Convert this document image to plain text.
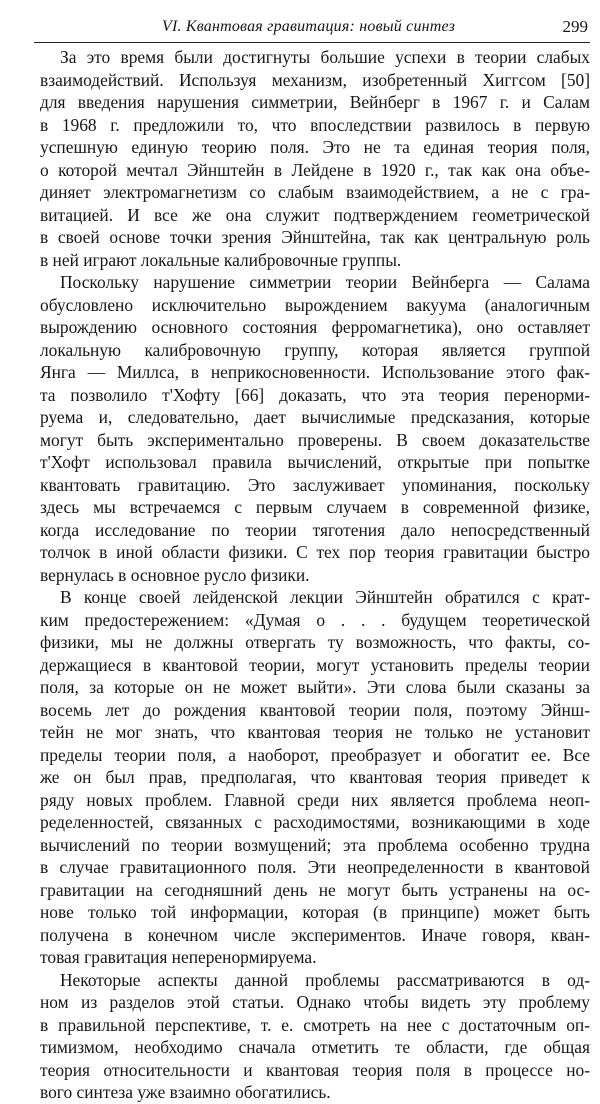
VI. Квантовая гравитация: новый синтез	299
За это время были достигнуты большие успехи в теории слабых
взаимодействий. Используя механизм, изобретенный Хиггсом [50]
для введения нарушения симметрии, Вейнберг в 1967 г. и Салам
в 1968 г. предложили то, что впоследствии развилось в первую
успешную единую теорию поля. Это не та единая теория поля,
о которой мечтал Эйнштейн в Лейдене в 1920 г., так как она объе-
диняет электромагнетизм со слабым взаимодействием, а не с гра-
витацией. И все же она служит подтверждением геометрической
в своей основе точки зрения Эйнштейна, так как центральную роль
в ней играют локальные калибровочные группы.
Поскольку нарушение симметрии теории Вейнберга — Салама
обусловлено исключительно вырождением вакуума (аналогичным
вырождению основного состояния ферромагнетика), оно оставляет
локальную калибровочную группу, которая является группой
Янга — Миллса, в неприкосновенности. Использование этого фак-
та позволило т'Хофту [66] доказать, что эта теория перенорми-
руема и, следовательно, дает вычислимые предсказания, которые
могут быть экспериментально проверены. В своем доказательстве
т'Хофт использовал правила вычислений, открытые при попытке
квантовать гравитацию. Это заслуживает упоминания, поскольку
здесь мы встречаемся с первым случаем в современной физике,
когда исследование по теории тяготения дало непосредственный
толчок в иной области физики. С тех пор теория гравитации быстро
вернулась в основное русло физики.
В конце своей лейденской лекции Эйнштейн обратился с крат-
ким предостережением: «Думая о . . . будущем теоретической
физики, мы не должны отвергать ту возможность, что факты, со-
держащиеся в квантовой теории, могут установить пределы теории
поля, за которые он не может выйти». Эти слова были сказаны за
восемь лет до рождения квантовой теории поля, поэтому Эйнш-
тейн не мог знать, что квантовая теория не только не установит
пределы теории поля, а наоборот, преобразует и обогатит ее. Все
же он был прав, предполагая, что квантовая теория приведет к
ряду новых проблем. Главной среди них является проблема неоп-
ределенностей, связанных с расходимостями, возникающими в ходе
вычислений по теории возмущений; эта проблема особенно трудна
в случае гравитационного поля. Эти неопределенности в квантовой
гравитации на сегодняшний день не могут быть устранены на ос-
нове только той информации, которая (в принципе) может быть
получена в конечном числе экспериментов. Иначе говоря, кван-
товая гравитация неперенормируема.
Некоторые аспекты данной проблемы рассматриваются в од-
ном из разделов этой статьи. Однако чтобы видеть эту проблему
в правильной перспективе, т. е. смотреть на нее с достаточным оп-
тимизмом, необходимо сначала отметить те области, где общая
теория относительности и квантовая теория поля в процессе но-
вого синтеза уже взаимно обогатились.
